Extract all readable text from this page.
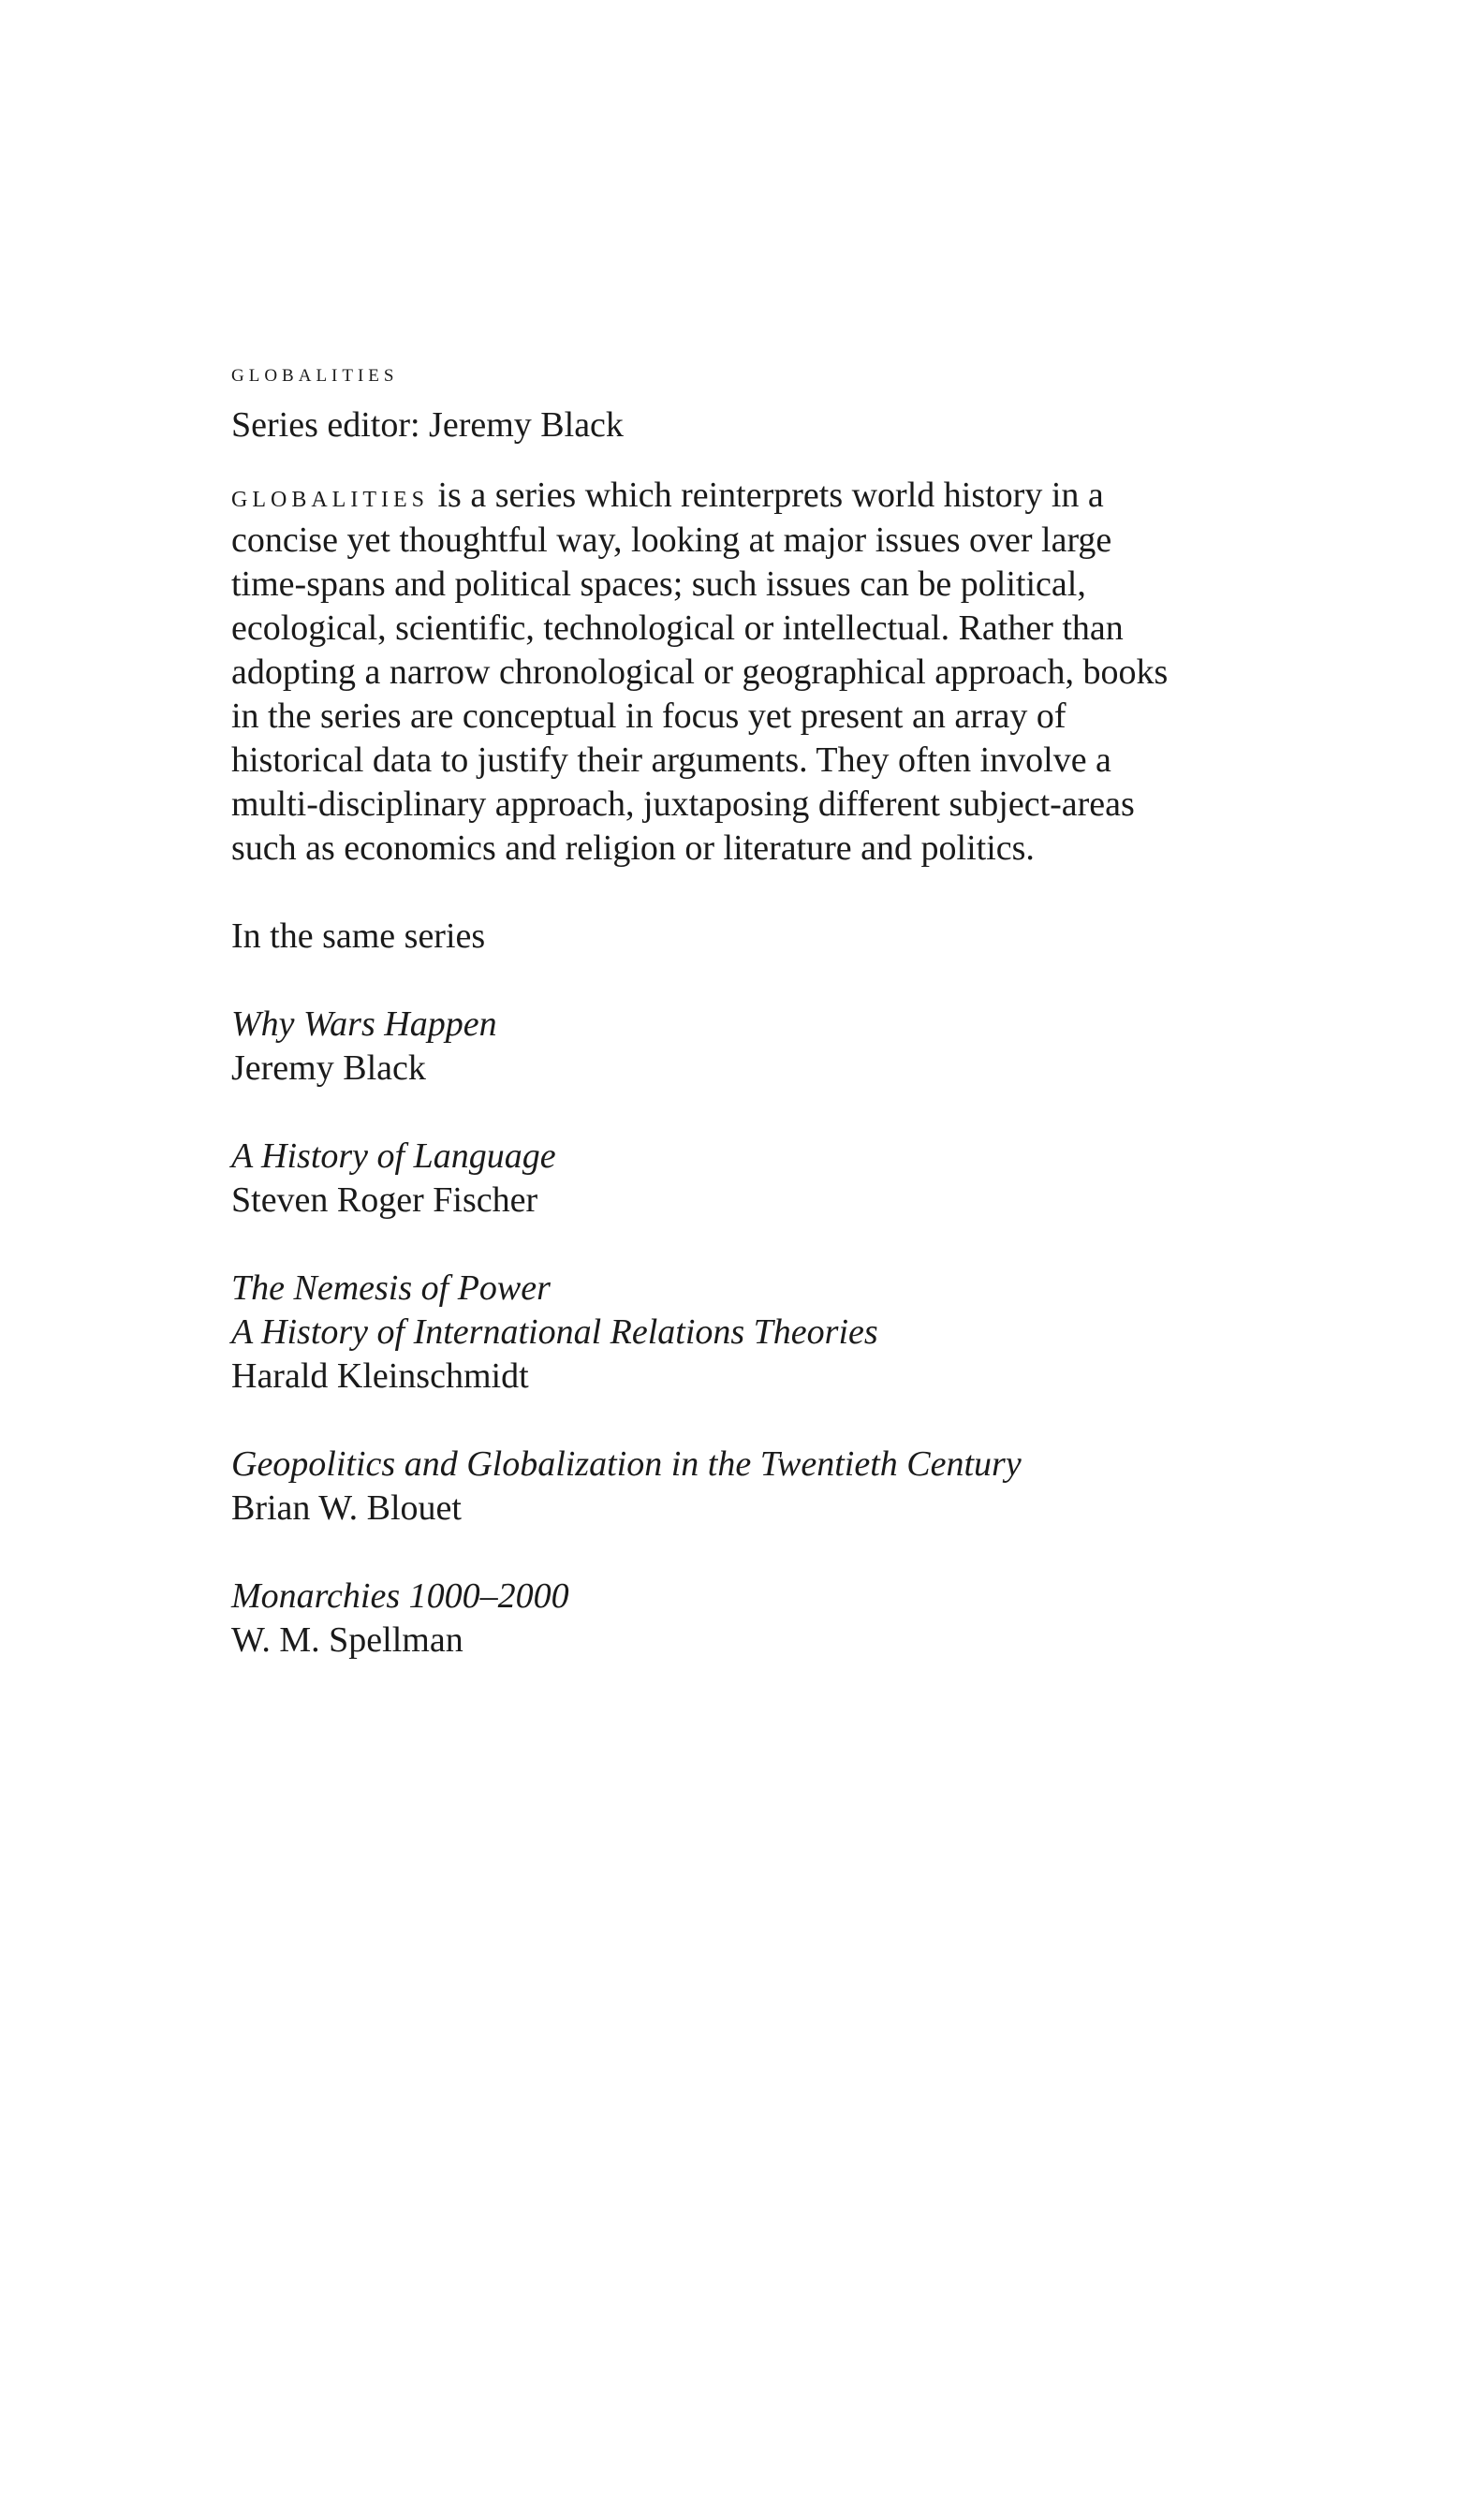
globalities

Series editor: Jeremy Black

globalities is a series which reinterprets world history in a concise yet thoughtful way, looking at major issues over large time-spans and political spaces; such issues can be political, ecological, scientific, technological or intellectual. Rather than adopting a narrow chronological or geographical approach, books in the series are conceptual in focus yet present an array of historical data to justify their arguments. They often involve a multi-disciplinary approach, juxtaposing different subject-areas such as economics and religion or literature and politics.

In the same series

Why Wars Happen
Jeremy Black
A History of Language
Steven Roger Fischer
The Nemesis of Power
A History of International Relations Theories
Harald Kleinschmidt
Geopolitics and Globalization in the Twentieth Century
Brian W. Blouet
Monarchies 1000–2000
W. M. Spellman
